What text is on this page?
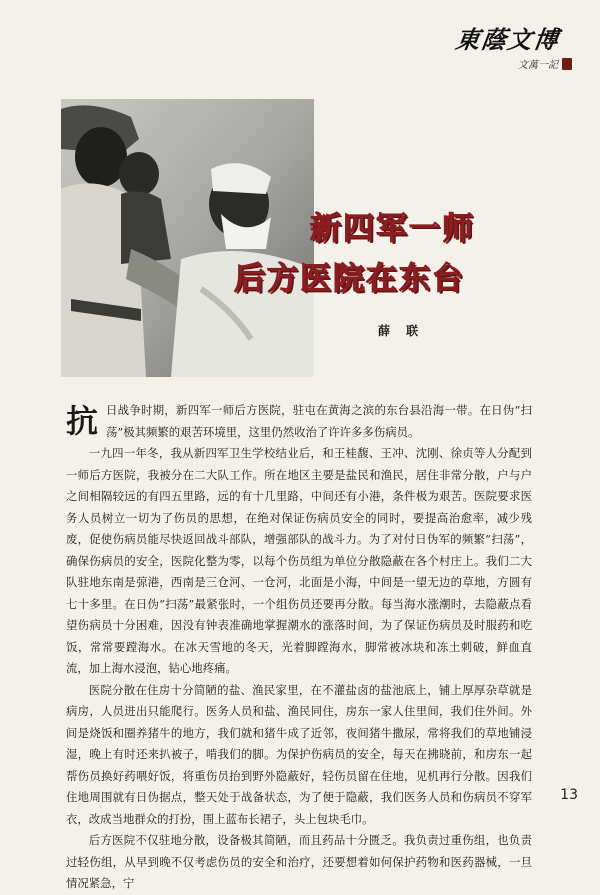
東蔭文博
文萬一記
新四军一师
后方医院在东台
薛 联

抗日战争时期，新四军一师后方医院，驻屯在黄海之滨的东台县沿海一带。在日伪“扫荡”极其频繁的艰苦环境里，这里仍然收治了许许多多伤病员。

一九四一年冬，我从新四军卫生学校结业后，和王桂馥、王冲、沈刚、徐贞等人分配到一师后方医院，我被分在二大队工作。所在地区主要是盐民和渔民，居住非常分散，户与户之间相隔较远的有四五里路，远的有十几里路，中间还有小港，条件极为艰苦。医院要求医务人员树立一切为了伤员的思想，在绝对保证伤病员安全的同时，要提高治愈率，减少残废，促使伤病员能尽快返回战斗部队，增强部队的战斗力。为了对付日伪军的频繁“扫荡”，确保伤病员的安全，医院化整为零，以每个伤员组为单位分散隐蔽在各个村庄上。我们二大队驻地东南是弶港，西南是三仓河、一仓河，北面是小海，中间是一望无边的草地，方圆有七十多里。在日伪“扫荡”最紧张时，一个组伤员还要再分散。每当海水涨潮时，去隐蔽点看望伤病员十分困难，因没有钟表准确地掌握潮水的涨落时间，为了保证伤病员及时服药和吃饭，常常要蹚海水。在冰天雪地的冬天，光着脚蹚海水，脚常被冰块和冻土刺破，鲜血直流，加上海水浸泡，钻心地疼痛。

医院分散在住房十分简陋的盐、渔民家里，在不灌盐卤的盐池底上，铺上厚厚杂草就是病房，人员进出只能爬行。医务人员和盐、渔民同住，房东一家人住里间，我们住外间。外间是烧饭和圈养猪牛的地方，我们就和猪牛成了近邻，夜间猪牛撒尿，常将我们的草地铺浸湿，晚上有时还来扒被子，啃我们的脚。为保护伤病员的安全，每天在拂晓前，和房东一起帮伤员换好药喂好饭，将重伤员抬到野外隐蔽好，轻伤员留在住地，见机再行分散。因我们住地周围就有日伪据点，整天处于战备状态，为了便于隐蔽，我们医务人员和伤病员不穿军衣，改成当地群众的打扮，围上蓝布长裙子，头上包块毛巾。

后方医院不仅驻地分散，设备极其简陋，而且药品十分匮乏。我负责过重伤组，也负责过轻伤组，从早到晚不仅考虑伤员的安全和治疗，还要想着如何保护药物和医药器械，一旦情况紧急，宁

13
